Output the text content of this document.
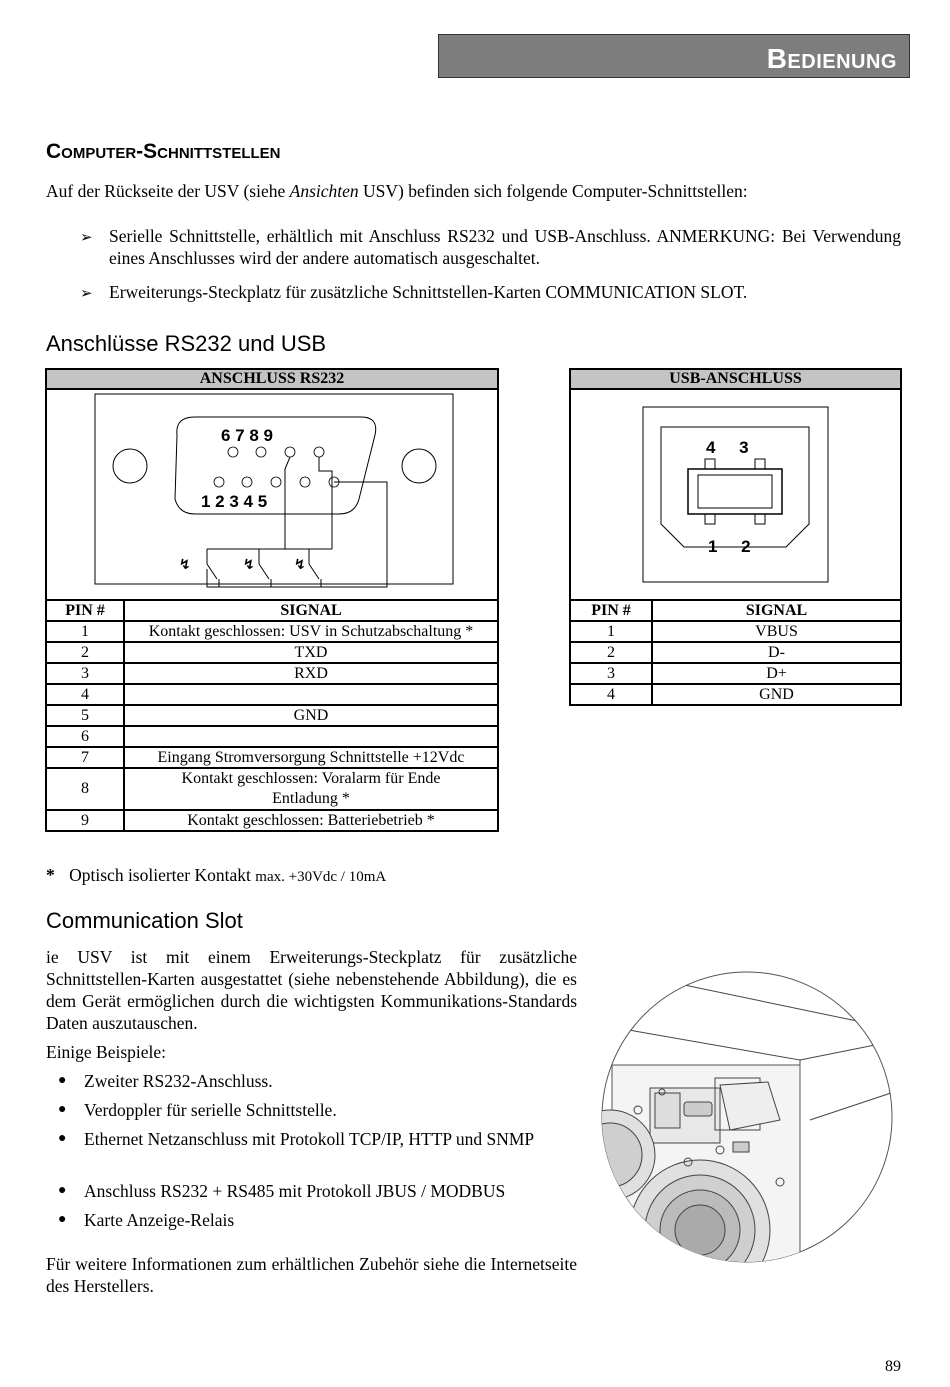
Bedienung
Computer-Schnittstellen
Auf der Rückseite der USV (siehe Ansichten USV) befinden sich folgende Computer-Schnittstellen:
➢ Serielle Schnittstelle, erhältlich mit Anschluss RS232 und USB-Anschluss. ANMERKUNG: Bei Verwendung eines Anschlusses wird der andere automatisch ausgeschaltet.
➢ Erweiterungs-Steckplatz für zusätzliche Schnittstellen-Karten COMMUNICATION SLOT.
Anschlüsse RS232 und USB
ANSCHLUSS RS232
6 7 8 9
1 2 3 4 5
↯	↯	↯
PIN #	SIGNAL
1	Kontakt geschlossen: USV in Schutzabschaltung *
2	TXD
3	RXD
4	
5	GND
6	
7	Eingang Stromversorgung Schnittstelle +12Vdc
8	Kontakt geschlossen: Voralarm für Ende Entladung *
9	Kontakt geschlossen: Batteriebetrieb *
USB-ANSCHLUSS
4     3
1     2
PIN #	SIGNAL
1	VBUS
2	D-
3	D+
4	GND
* Optisch isolierter Kontakt max. +30Vdc / 10mA
Communication Slot
ie USV ist mit einem Erweiterungs-Steckplatz für zusätzliche Schnittstellen-Karten ausgestattet (siehe nebenstehende Abbildung), die es dem Gerät ermöglichen durch die wichtigsten Kommunikations-Standards Daten auszutauschen.
Einige Beispiele:
● Zweiter RS232-Anschluss.
● Verdoppler für serielle Schnittstelle.
● Ethernet Netzanschluss mit Protokoll TCP/IP, HTTP und SNMP
● Anschluss RS232 + RS485 mit Protokoll JBUS / MODBUS
● Karte Anzeige-Relais
Für weitere Informationen zum erhältlichen Zubehör siehe die Internetseite des Herstellers.
89
